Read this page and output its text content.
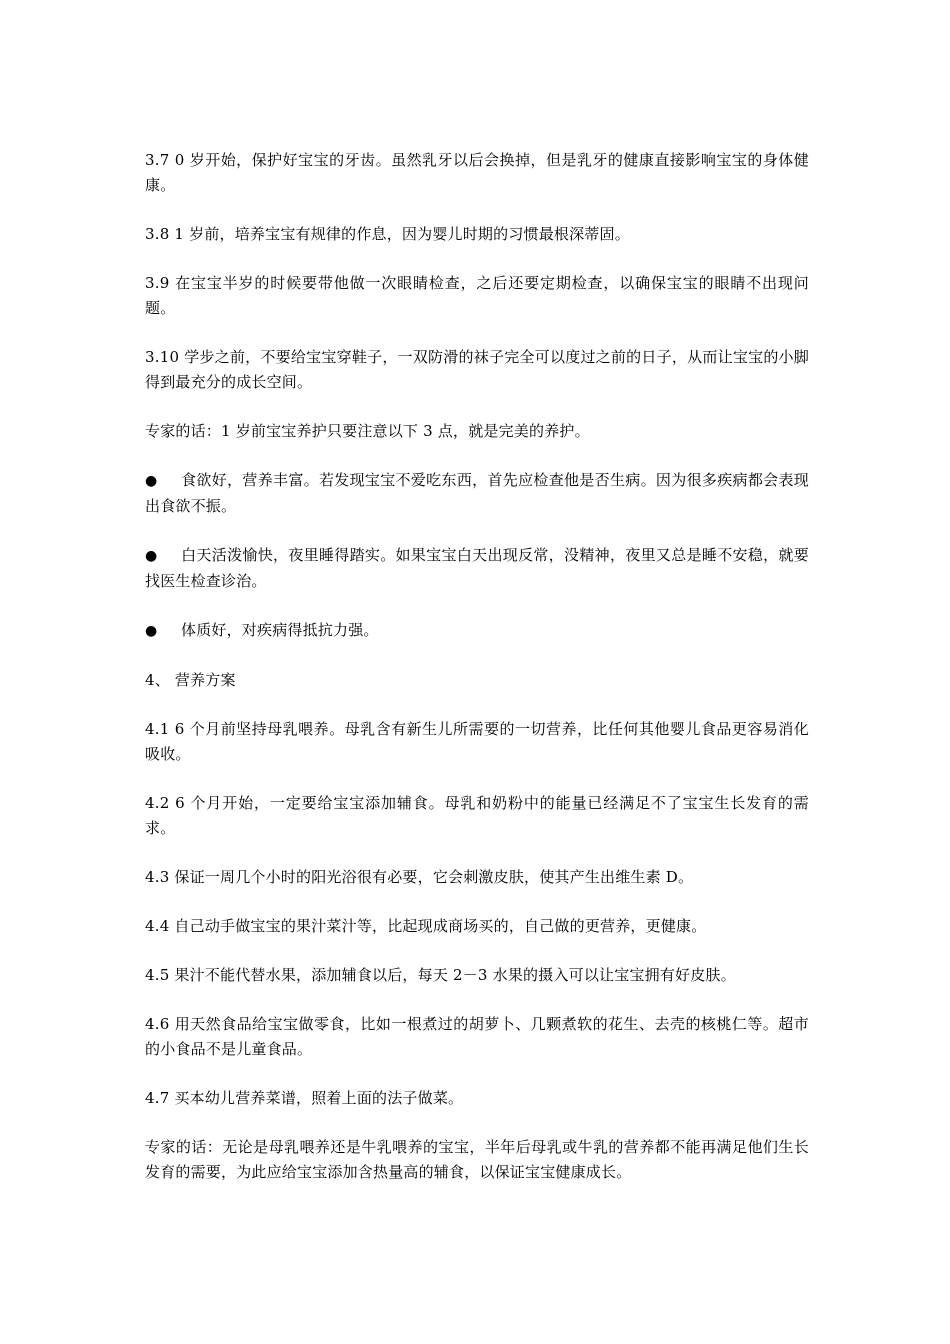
3.7 0 岁开始，保护好宝宝的牙齿。虽然乳牙以后会换掉，但是乳牙的健康直接影响宝宝的身体健康。

3.8 1 岁前，培养宝宝有规律的作息，因为婴儿时期的习惯最根深蒂固。

3.9 在宝宝半岁的时候要带他做一次眼睛检查，之后还要定期检查，以确保宝宝的眼睛不出现问题。

3.10 学步之前，不要给宝宝穿鞋子，一双防滑的袜子完全可以度过之前的日子，从而让宝宝的小脚得到最充分的成长空间。

专家的话：1 岁前宝宝养护只要注意以下 3 点，就是完美的养护。

● 食欲好，营养丰富。若发现宝宝不爱吃东西，首先应检查他是否生病。因为很多疾病都会表现出食欲不振。

● 白天活泼愉快，夜里睡得踏实。如果宝宝白天出现反常，没精神，夜里又总是睡不安稳，就要找医生检查诊治。

● 体质好，对疾病得抵抗力强。

4、 营养方案

4.1 6 个月前坚持母乳喂养。母乳含有新生儿所需要的一切营养，比任何其他婴儿食品更容易消化吸收。

4.2 6 个月开始，一定要给宝宝添加辅食。母乳和奶粉中的能量已经满足不了宝宝生长发育的需求。

4.3 保证一周几个小时的阳光浴很有必要，它会刺激皮肤，使其产生出维生素 D。

4.4 自己动手做宝宝的果汁菜汁等，比起现成商场买的，自己做的更营养，更健康。

4.5 果汁不能代替水果，添加辅食以后，每天 2－3 水果的摄入可以让宝宝拥有好皮肤。

4.6 用天然食品给宝宝做零食，比如一根煮过的胡萝卜、几颗煮软的花生、去壳的核桃仁等。超市的小食品不是儿童食品。

4.7 买本幼儿营养菜谱，照着上面的法子做菜。

专家的话：无论是母乳喂养还是牛乳喂养的宝宝，半年后母乳或牛乳的营养都不能再满足他们生长发育的需要，为此应给宝宝添加含热量高的辅食，以保证宝宝健康成长。
